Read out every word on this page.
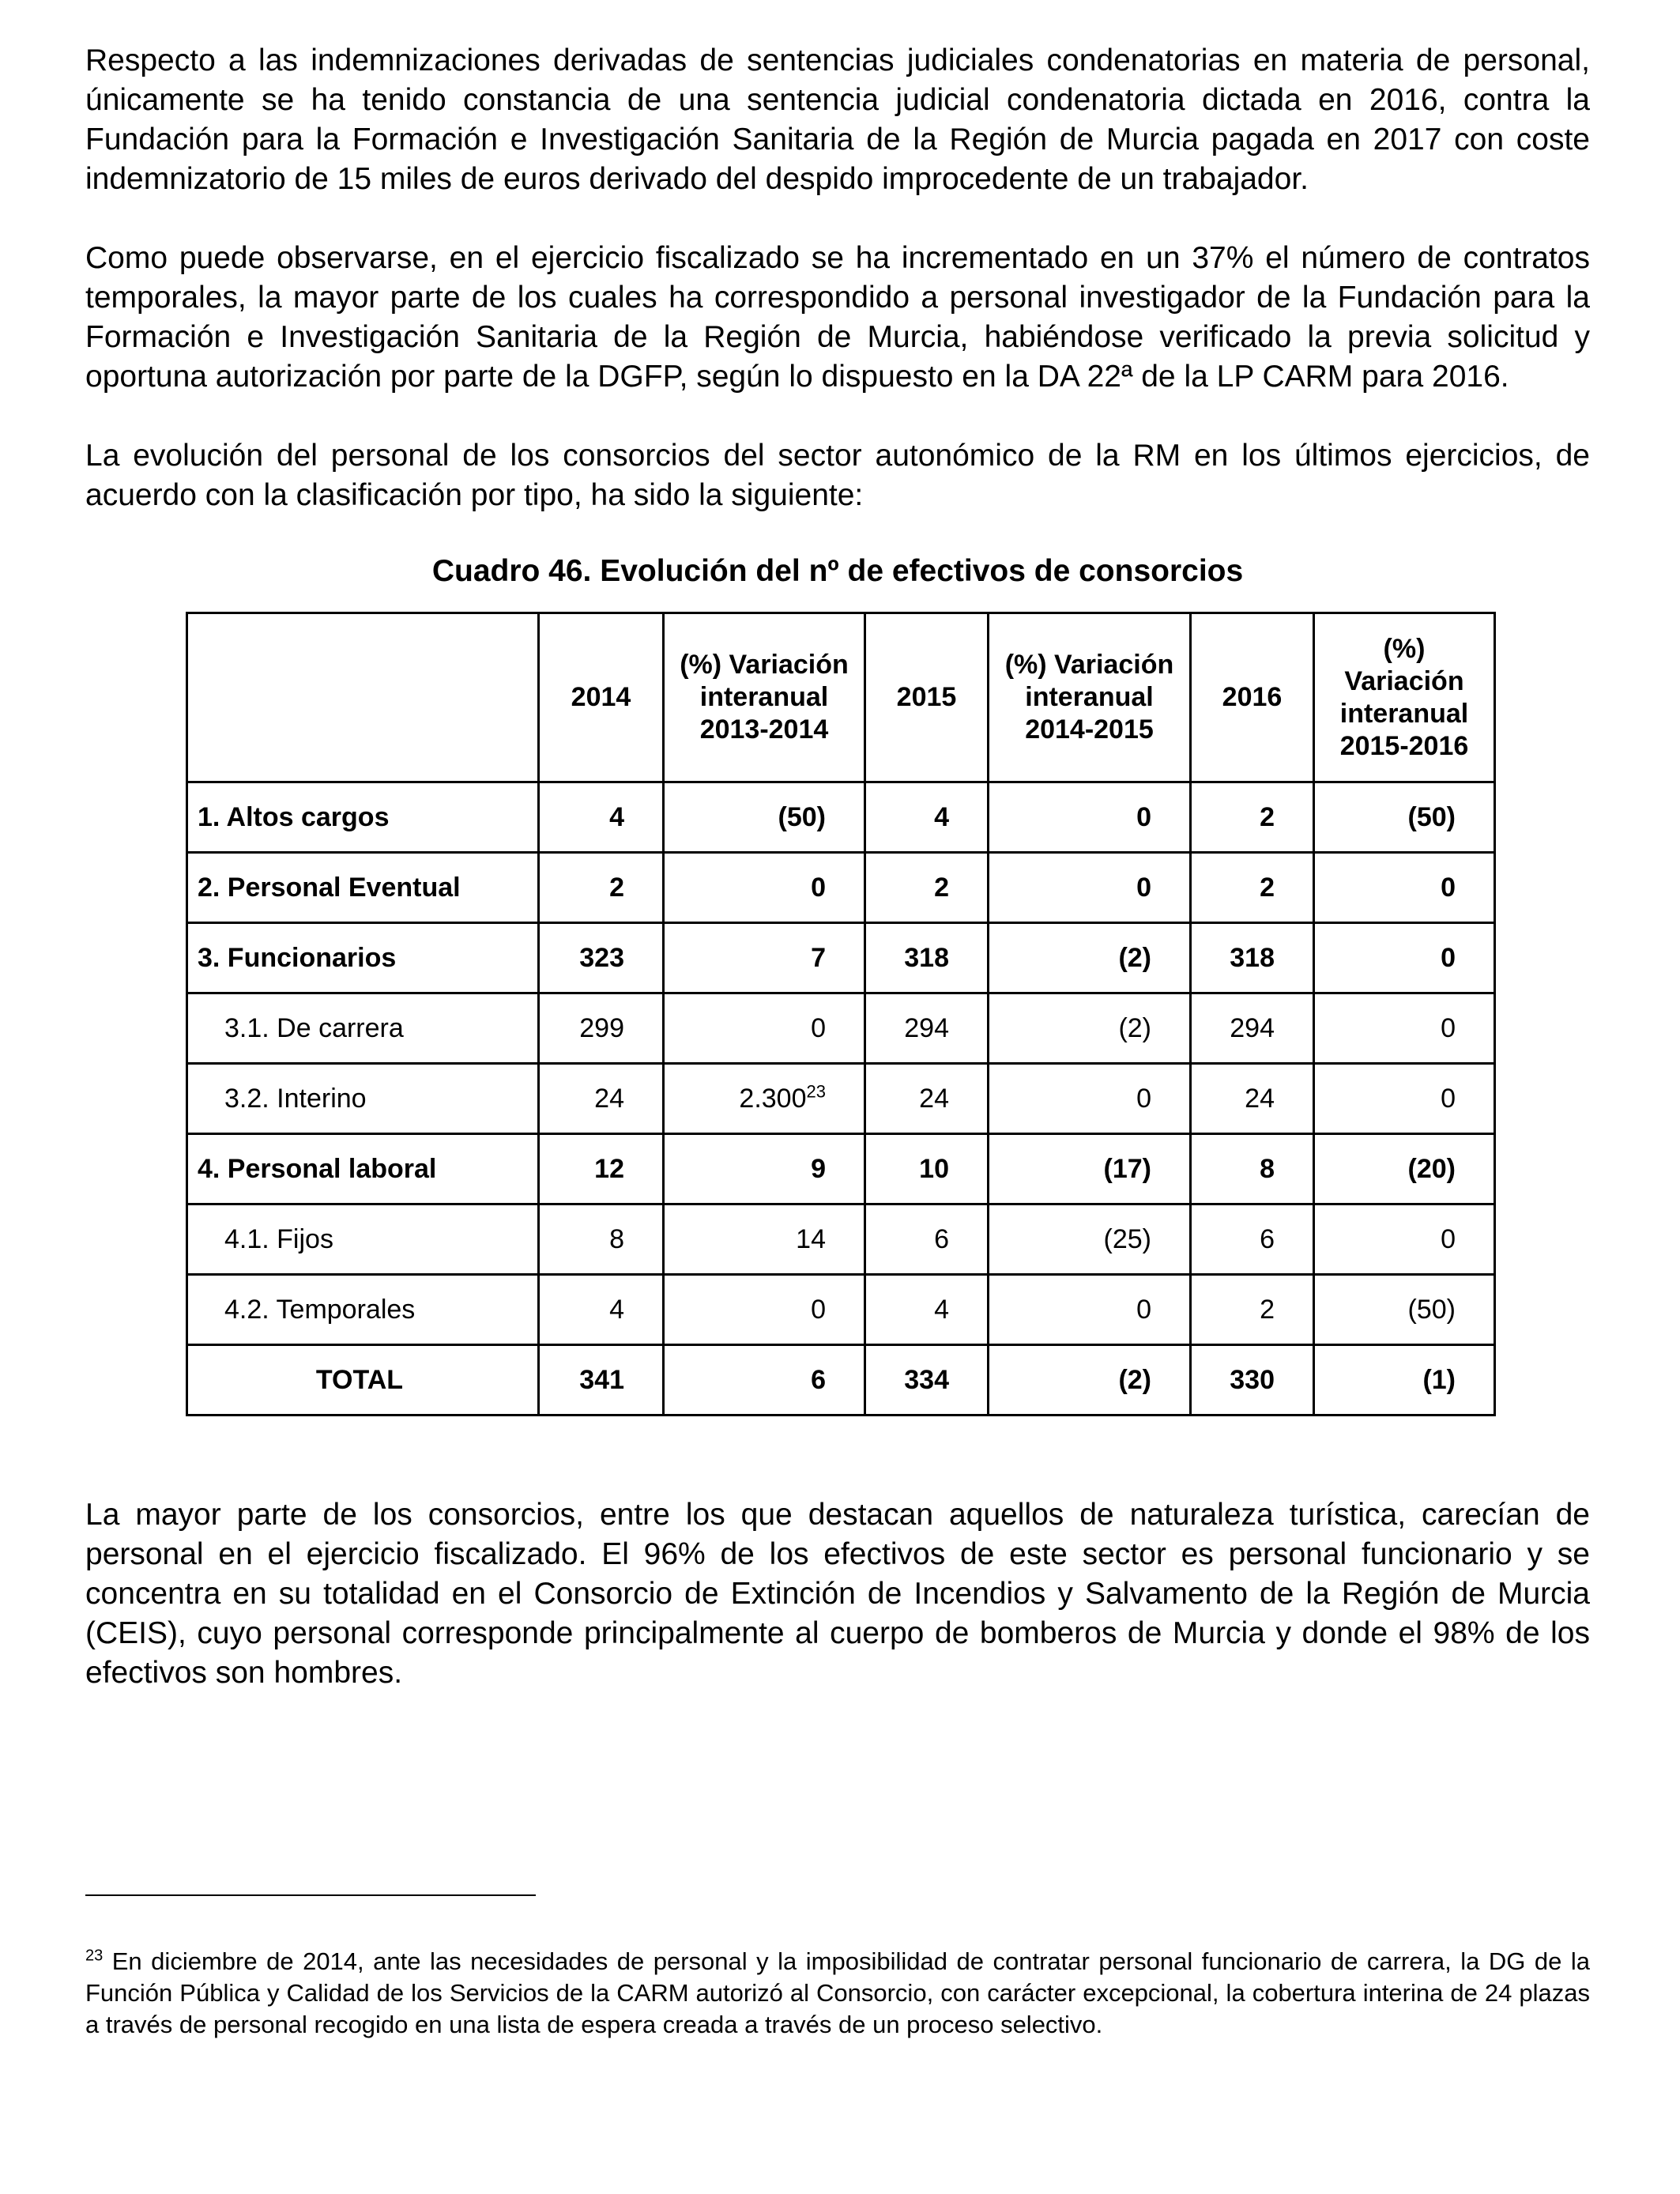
Respecto a las indemnizaciones derivadas de sentencias judiciales condenatorias en materia de personal, únicamente se ha tenido constancia de una sentencia judicial condenatoria dictada en 2016, contra la Fundación para la Formación e Investigación Sanitaria de la Región de Murcia pagada en 2017 con coste indemnizatorio de 15 miles de euros derivado del despido improcedente de un trabajador.

Como puede observarse, en el ejercicio fiscalizado se ha incrementado en un 37% el número de contratos temporales, la mayor parte de los cuales ha correspondido a personal investigador de la Fundación para la Formación e Investigación Sanitaria de la Región de Murcia, habiéndose verificado la previa solicitud y oportuna autorización por parte de la DGFP, según lo dispuesto en la DA 22ª de la LP CARM para 2016.

La evolución del personal de los consorcios del sector autonómico de la RM en los últimos ejercicios, de acuerdo con la clasificación por tipo, ha sido la siguiente:

Cuadro 46. Evolución del nº de efectivos de consorcios

	2014	(%) Variación interanual 2013-2014	2015	(%) Variación interanual 2014-2015	2016	(%) Variación interanual 2015-2016
1. Altos cargos	4	(50)	4	0	2	(50)
2. Personal Eventual	2	0	2	0	2	0
3. Funcionarios	323	7	318	(2)	318	0
3.1. De carrera	299	0	294	(2)	294	0
3.2. Interino	24	2.300$^{23}$	24	0	24	0
4. Personal laboral	12	9	10	(17)	8	(20)
4.1. Fijos	8	14	6	(25)	6	0
4.2. Temporales	4	0	4	0	2	(50)
TOTAL	341	6	334	(2)	330	(1)

La mayor parte de los consorcios, entre los que destacan aquellos de naturaleza turística, carecían de personal en el ejercicio fiscalizado. El 96% de los efectivos de este sector es personal funcionario y se concentra en su totalidad en el Consorcio de Extinción de Incendios y Salvamento de la Región de Murcia (CEIS), cuyo personal corresponde principalmente al cuerpo de bomberos de Murcia y donde el 98% de los efectivos son hombres.

$^{23}$ En diciembre de 2014, ante las necesidades de personal y la imposibilidad de contratar personal funcionario de carrera, la DG de la Función Pública y Calidad de los Servicios de la CARM autorizó al Consorcio, con carácter excepcional, la cobertura interina de 24 plazas a través de personal recogido en una lista de espera creada a través de un proceso selectivo.
